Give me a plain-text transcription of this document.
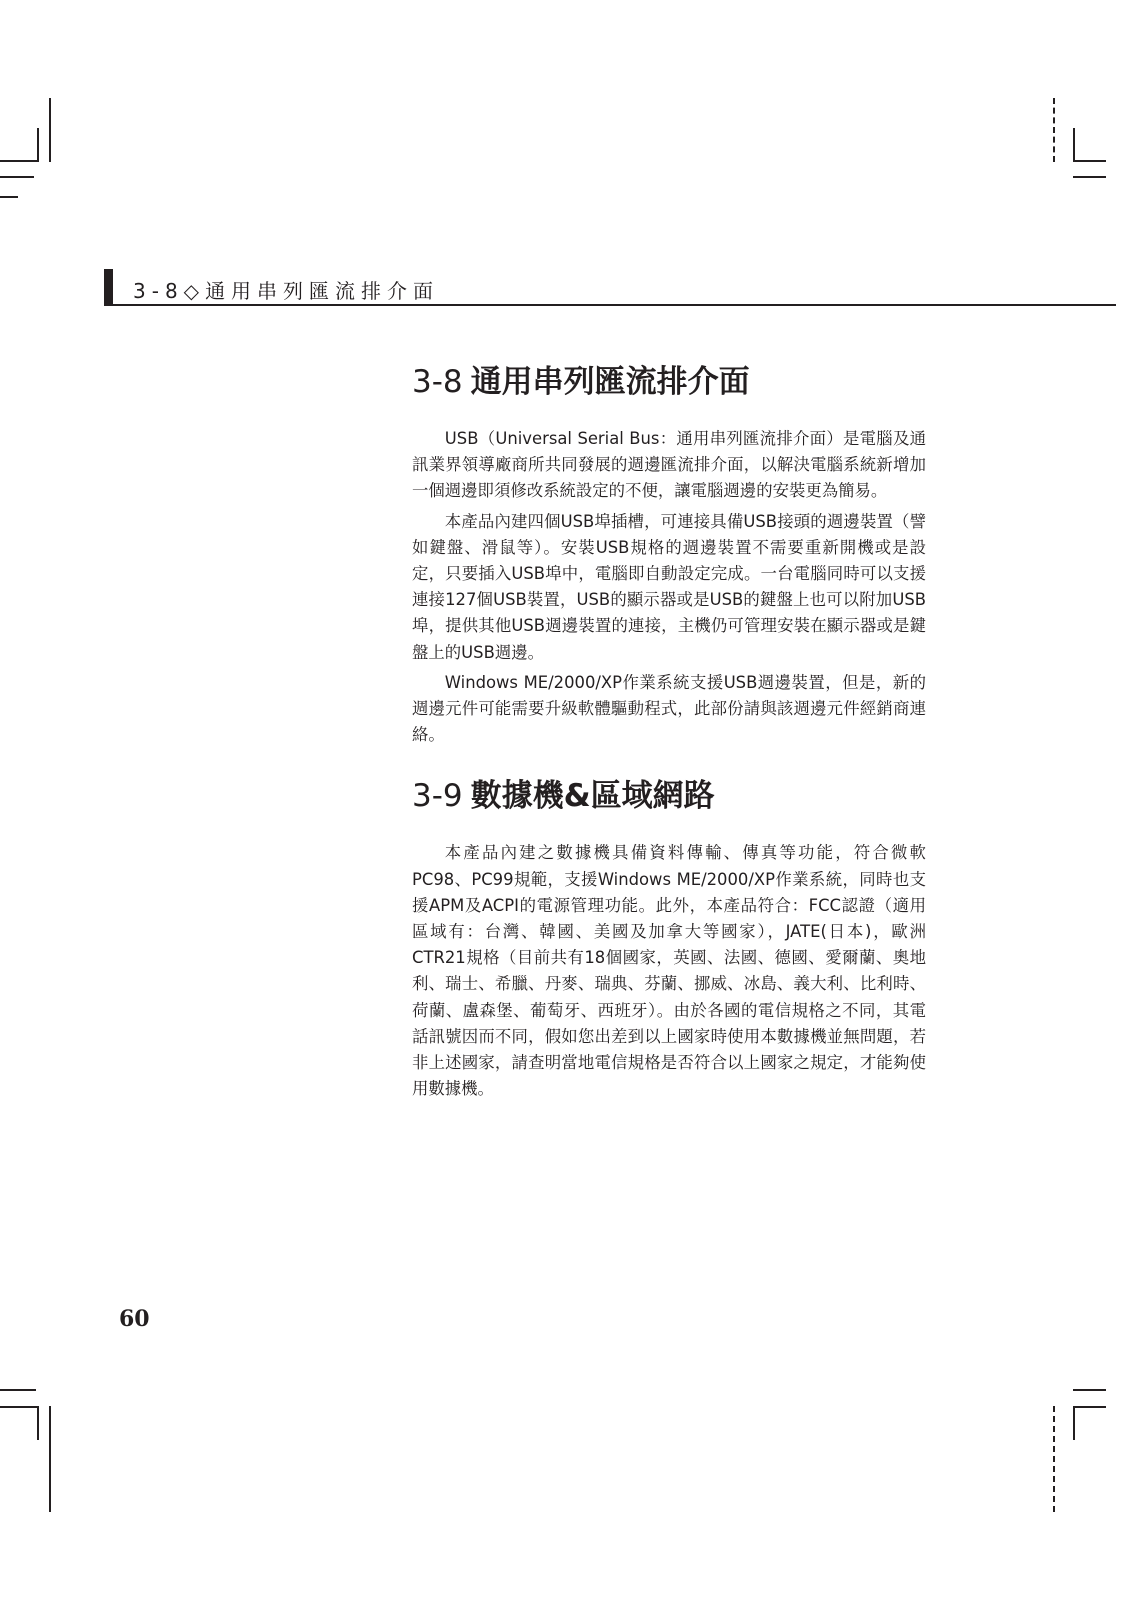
3-8◇通用串列匯流排介面
3-8 通用串列匯流排介面

USB（Universal Serial Bus：通用串列匯流排介面）是電腦及通訊業界領導廠商所共同發展的週邊匯流排介面，以解決電腦系統新增加一個週邊即須修改系統設定的不便，讓電腦週邊的安裝更為簡易。

本產品內建四個USB埠插槽，可連接具備USB接頭的週邊裝置（譬如鍵盤、滑鼠等）。安裝USB規格的週邊裝置不需要重新開機或是設定，只要插入USB埠中，電腦即自動設定完成。一台電腦同時可以支援連接127個USB裝置，USB的顯示器或是USB的鍵盤上也可以附加USB埠，提供其他USB週邊裝置的連接，主機仍可管理安裝在顯示器或是鍵盤上的USB週邊。

Windows ME/2000/XP作業系統支援USB週邊裝置，但是，新的週邊元件可能需要升級軟體驅動程式，此部份請與該週邊元件經銷商連絡。

3-9 數據機&區域網路

本產品內建之數據機具備資料傳輸、傳真等功能，符合微軟PC98、PC99規範，支援Windows ME/2000/XP作業系統，同時也支援APM及ACPI的電源管理功能。此外，本產品符合：FCC認證（適用區域有：台灣、韓國、美國及加拿大等國家），JATE(日本)，歐洲CTR21規格（目前共有18個國家，英國、法國、德國、愛爾蘭、奧地利、瑞士、希臘、丹麥、瑞典、芬蘭、挪威、冰島、義大利、比利時、荷蘭、盧森堡、葡萄牙、西班牙）。由於各國的電信規格之不同，其電話訊號因而不同，假如您出差到以上國家時使用本數據機並無問題，若非上述國家，請查明當地電信規格是否符合以上國家之規定，才能夠使用數據機。

60
